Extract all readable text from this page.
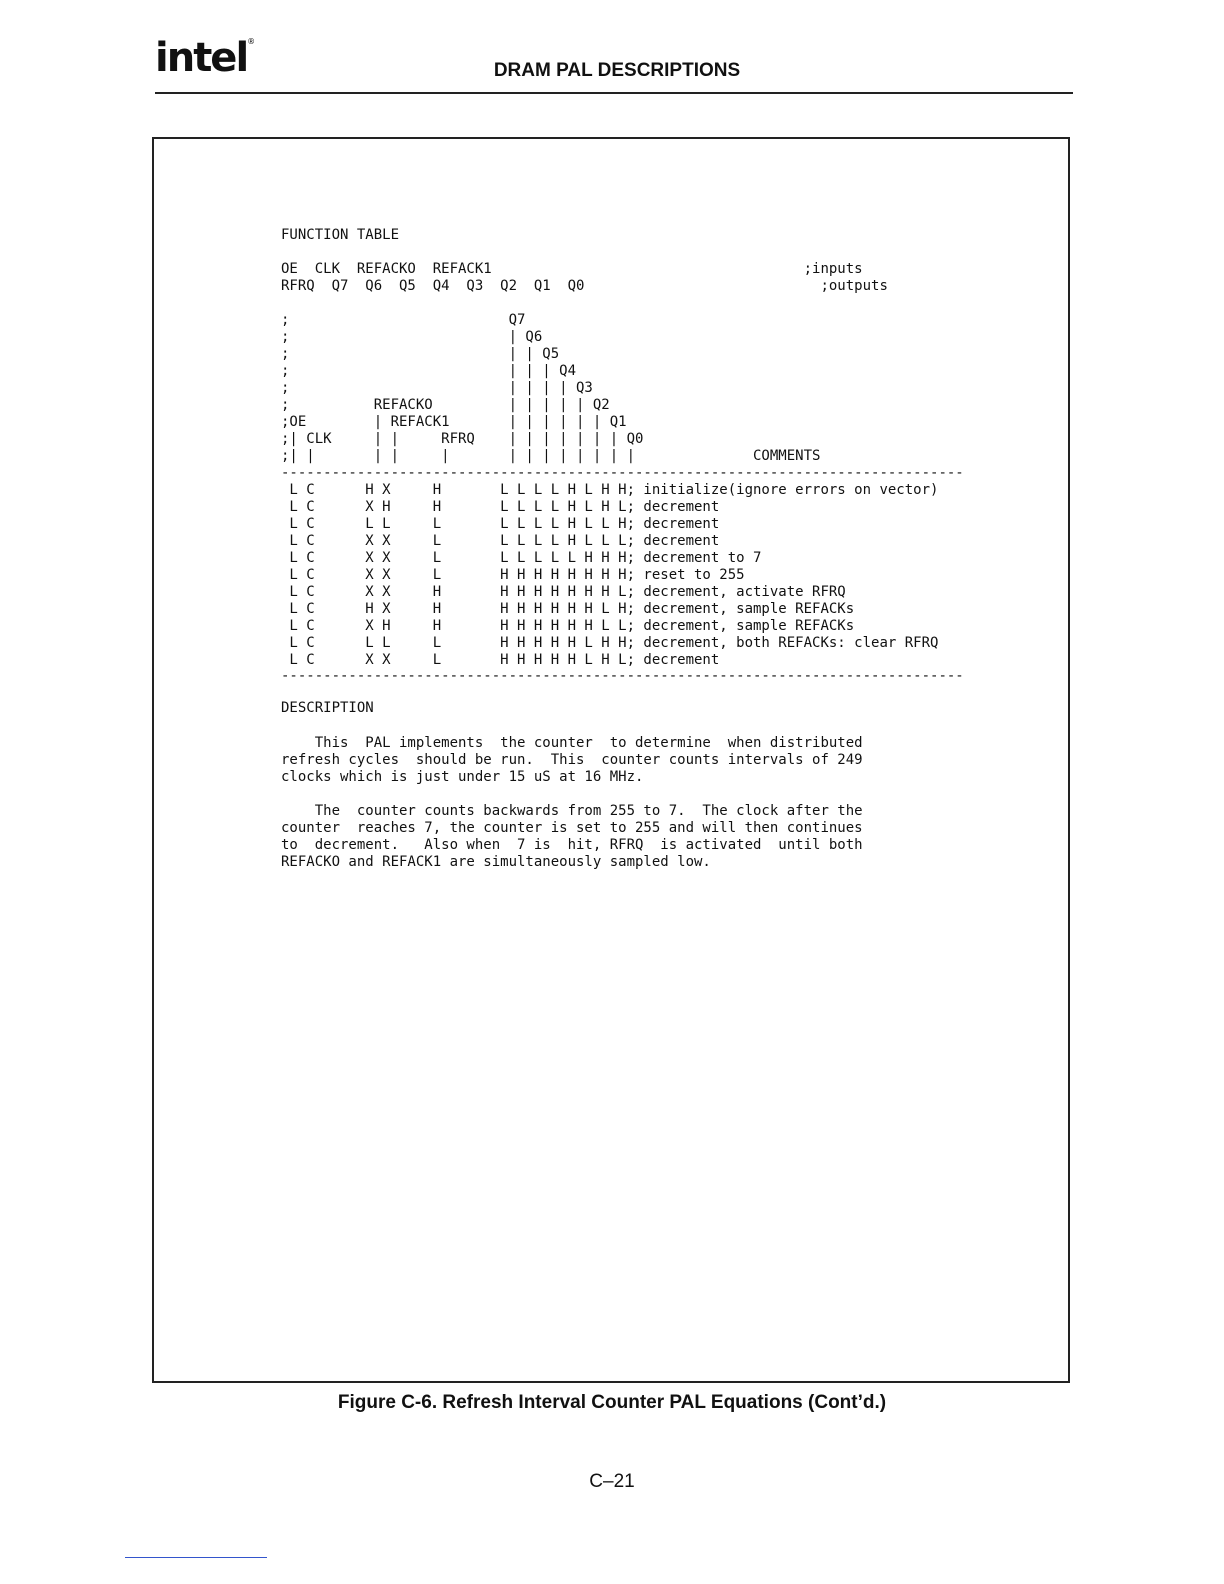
intel®
DRAM PAL DESCRIPTIONS
FUNCTION TABLE
OE  CLK  REFACKO  REFACK1                                     ;inputs
RFRQ  Q7  Q6  Q5  Q4  Q3  Q2  Q1  Q0                            ;outputs
;                          Q7
;                          | Q6
;                          | | Q5
;                          | | | Q4
;                          | | | | Q3
;          REFACKO         | | | | | Q2
;OE        | REFACK1       | | | | | | Q1
;| CLK     | |     RFRQ    | | | | | | | Q0
;| |       | |     |       | | | | | | | |              COMMENTS
---------------------------------------------------------------------------------
L C      H X     H       L L L L H L H H; initialize(ignore errors on vector)
L C      X H     H       L L L L H L H L; decrement
L C      L L     L       L L L L H L L H; decrement
L C      X X     L       L L L L H L L L; decrement
L C      X X     L       L L L L L H H H; decrement to 7
L C      X X     L       H H H H H H H H; reset to 255
L C      X X     H       H H H H H H H L; decrement, activate RFRQ
L C      H X     H       H H H H H H L H; decrement, sample REFACKs
L C      X H     H       H H H H H H L L; decrement, sample REFACKs
L C      L L     L       H H H H H L H H; decrement, both REFACKs: clear RFRQ
L C      X X     L       H H H H H L H L; decrement
---------------------------------------------------------------------------------
DESCRIPTION
This  PAL implements  the counter  to determine  when distributed
refresh cycles  should be run.  This  counter counts intervals of 249
clocks which is just under 15 uS at 16 MHz.
The  counter counts backwards from 255 to 7.  The clock after the
counter  reaches 7, the counter is set to 255 and will then continues
to  decrement.   Also when  7 is  hit, RFRQ  is activated  until both
REFACKO and REFACK1 are simultaneously sampled low.
Figure C-6. Refresh Interval Counter PAL Equations (Cont’d.)
C–21
